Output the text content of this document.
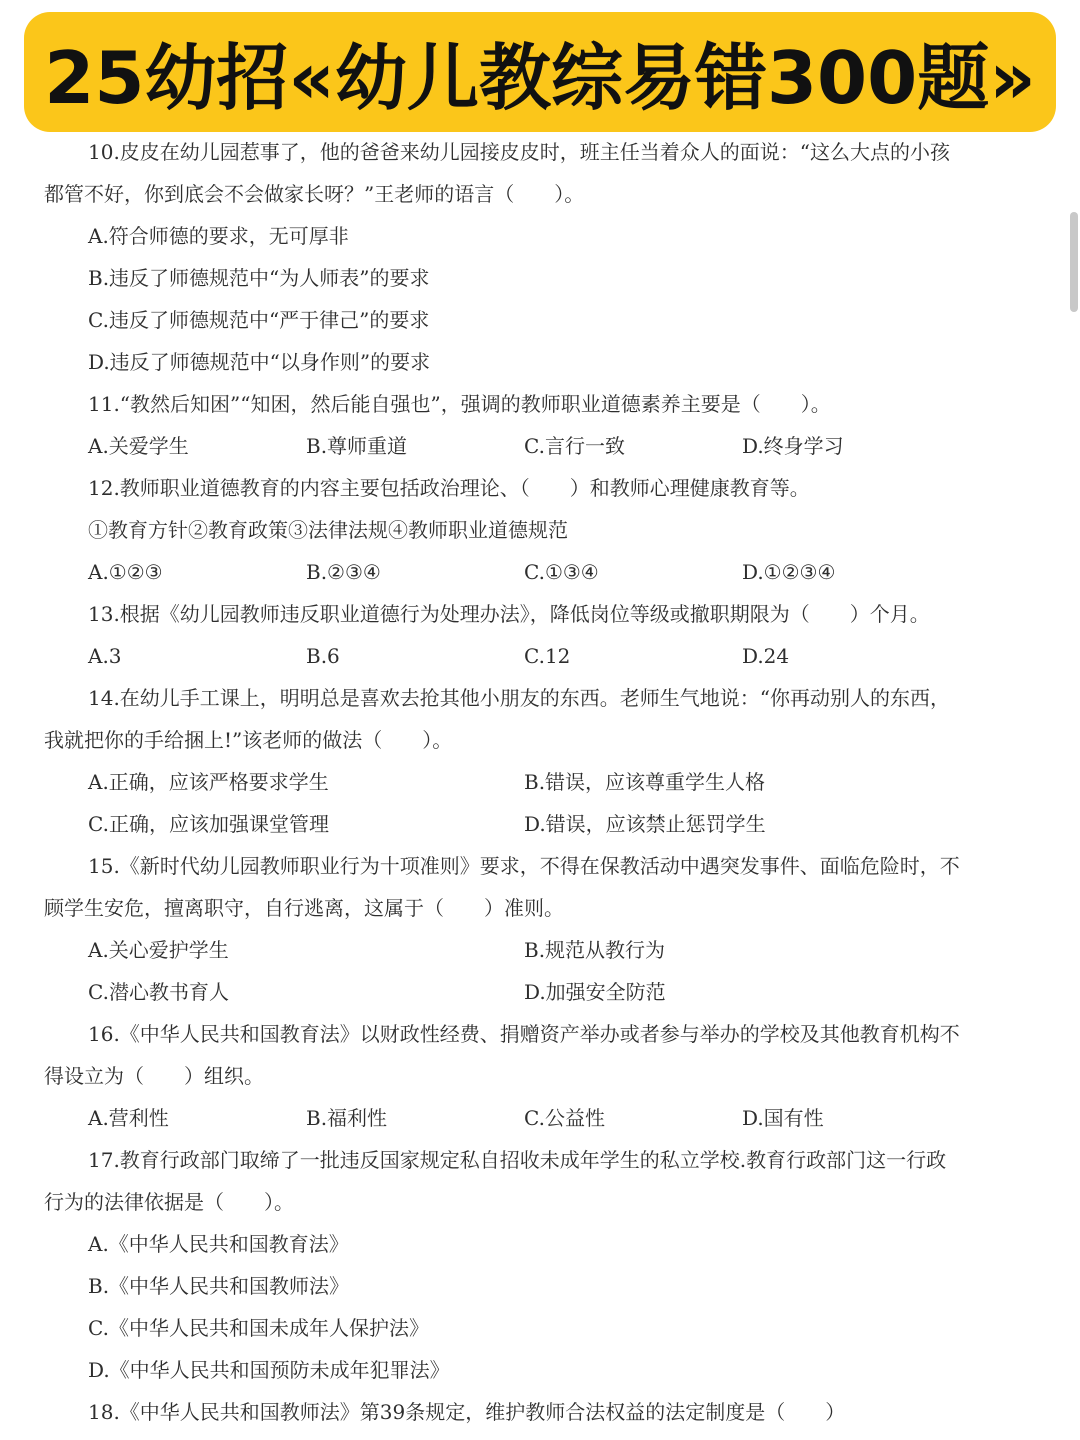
25幼招«幼儿教综易错300题»
10.皮皮在幼儿园惹事了，他的爸爸来幼儿园接皮皮时，班主任当着众人的面说：“这么大点的小孩
都管不好，你到底会不会做家长呀？”王老师的语言（　　）。
A.符合师德的要求，无可厚非
B.违反了师德规范中“为人师表”的要求
C.违反了师德规范中“严于律己”的要求
D.违反了师德规范中“以身作则”的要求
11.“教然后知困”“知困，然后能自强也”，强调的教师职业道德素养主要是（　　）。
A.关爱学生	B.尊师重道	C.言行一致	D.终身学习
12.教师职业道德教育的内容主要包括政治理论、（　　）和教师心理健康教育等。
①教育方针②教育政策③法律法规④教师职业道德规范
A.①②③	B.②③④	C.①③④	D.①②③④
13.根据《幼儿园教师违反职业道德行为处理办法》，降低岗位等级或撤职期限为（　　）个月。
A.3	B.6	C.12	D.24
14.在幼儿手工课上，明明总是喜欢去抢其他小朋友的东西。老师生气地说：“你再动别人的东西，
我就把你的手给捆上!”该老师的做法（　　）。
A.正确，应该严格要求学生	B.错误，应该尊重学生人格
C.正确，应该加强课堂管理	D.错误，应该禁止惩罚学生
15.《新时代幼儿园教师职业行为十项准则》要求，不得在保教活动中遇突发事件、面临危险时，不
顾学生安危，擅离职守，自行逃离，这属于（　　）准则。
A.关心爱护学生	B.规范从教行为
C.潜心教书育人	D.加强安全防范
16.《中华人民共和国教育法》以财政性经费、捐赠资产举办或者参与举办的学校及其他教育机构不
得设立为（　　）组织。
A.营利性	B.福利性	C.公益性	D.国有性
17.教育行政部门取缔了一批违反国家规定私自招收未成年学生的私立学校.教育行政部门这一行政
行为的法律依据是（　　）。
A.《中华人民共和国教育法》
B.《中华人民共和国教师法》
C.《中华人民共和国未成年人保护法》
D.《中华人民共和国预防未成年犯罪法》
18.《中华人民共和国教师法》第39条规定，维护教师合法权益的法定制度是（　　）
